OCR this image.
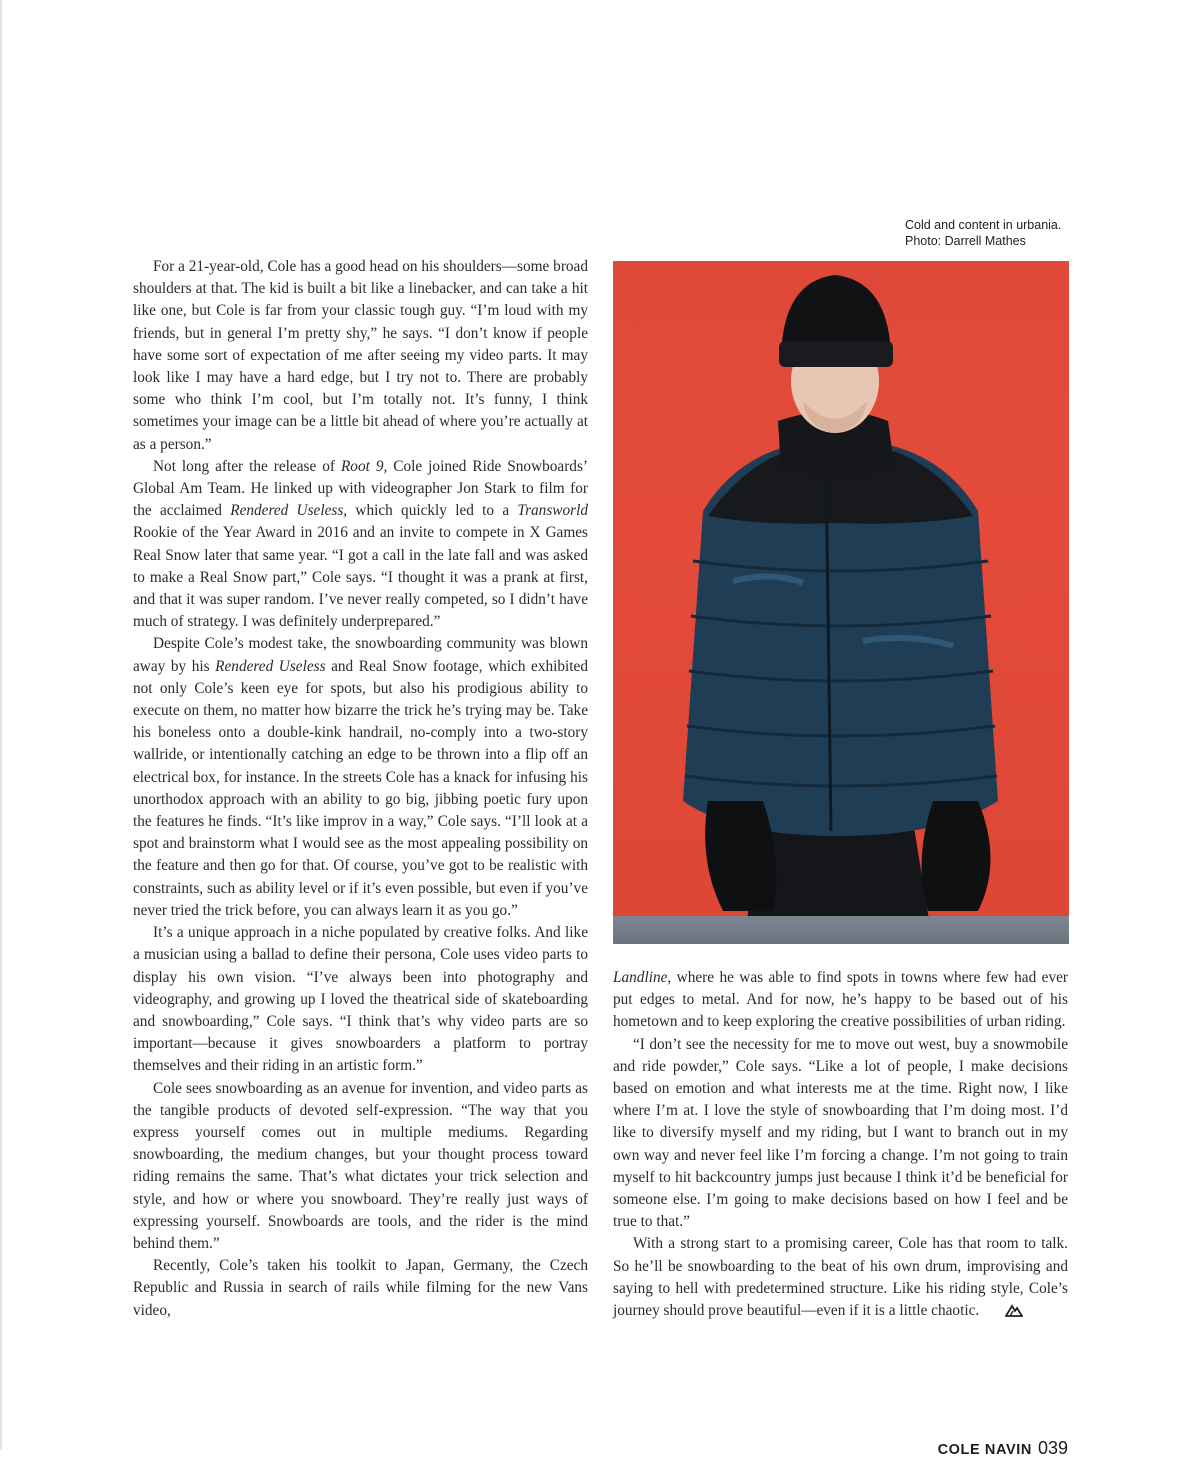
Cold and content in urbania.
Photo: Darrell Mathes

For a 21-year-old, Cole has a good head on his shoulders—some broad shoulders at that. The kid is built a bit like a linebacker, and can take a hit like one, but Cole is far from your classic tough guy. “I’m loud with my friends, but in general I’m pretty shy,” he says. “I don’t know if people have some sort of expectation of me after seeing my video parts. It may look like I may have a hard edge, but I try not to. There are probably some who think I’m cool, but I’m totally not. It’s funny, I think sometimes your image can be a little bit ahead of where you’re actually at as a person.”

Not long after the release of Root 9, Cole joined Ride Snowboards’ Global Am Team. He linked up with videographer Jon Stark to film for the acclaimed Rendered Useless, which quickly led to a Transworld Rookie of the Year Award in 2016 and an invite to compete in X Games Real Snow later that same year. “I got a call in the late fall and was asked to make a Real Snow part,” Cole says. “I thought it was a prank at first, and that it was super random. I’ve never really competed, so I didn’t have much of strategy. I was definitely underprepared.”

Despite Cole’s modest take, the snowboarding community was blown away by his Rendered Useless and Real Snow footage, which exhibited not only Cole’s keen eye for spots, but also his prodigious ability to execute on them, no matter how bizarre the trick he’s trying may be. Take his boneless onto a double-kink handrail, no-comply into a two-story wallride, or intentionally catching an edge to be thrown into a flip off an electrical box, for instance. In the streets Cole has a knack for infusing his unorthodox approach with an ability to go big, jibbing poetic fury upon the features he finds. “It’s like improv in a way,” Cole says. “I’ll look at a spot and brainstorm what I would see as the most appealing possibility on the feature and then go for that. Of course, you’ve got to be realistic with constraints, such as ability level or if it’s even possible, but even if you’ve never tried the trick before, you can always learn it as you go.”

It’s a unique approach in a niche populated by creative folks. And like a musician using a ballad to define their persona, Cole uses video parts to display his own vision. “I’ve always been into photography and videography, and growing up I loved the theatrical side of skateboarding and snowboarding,” Cole says. “I think that’s why video parts are so important—because it gives snowboarders a platform to portray themselves and their riding in an artistic form.”

Cole sees snowboarding as an avenue for invention, and video parts as the tangible products of devoted self-expression. “The way that you express yourself comes out in multiple mediums. Regarding snowboarding, the medium changes, but your thought process toward riding remains the same. That’s what dictates your trick selection and style, and how or where you snowboard. They’re really just ways of expressing yourself. Snowboards are tools, and the rider is the mind behind them.”

Recently, Cole’s taken his toolkit to Japan, Germany, the Czech Republic and Russia in search of rails while filming for the new Vans video,

Landline, where he was able to find spots in towns where few had ever put edges to metal. And for now, he’s happy to be based out of his hometown and to keep exploring the creative possibilities of urban riding.

“I don’t see the necessity for me to move out west, buy a snowmobile and ride powder,” Cole says. “Like a lot of people, I make decisions based on emotion and what interests me at the time. Right now, I like where I’m at. I love the style of snowboarding that I’m doing most. I’d like to diversify myself and my riding, but I want to branch out in my own way and never feel like I’m forcing a change. I’m not going to train myself to hit backcountry jumps just because I think it’d be beneficial for someone else. I’m going to make decisions based on how I feel and be true to that.”

With a strong start to a promising career, Cole has that room to talk. So he’ll be snowboarding to the beat of his own drum, improvising and saying to hell with predetermined structure. Like his riding style, Cole’s journey should prove beautiful—even if it is a little chaotic.

COLE NAVIN 039
